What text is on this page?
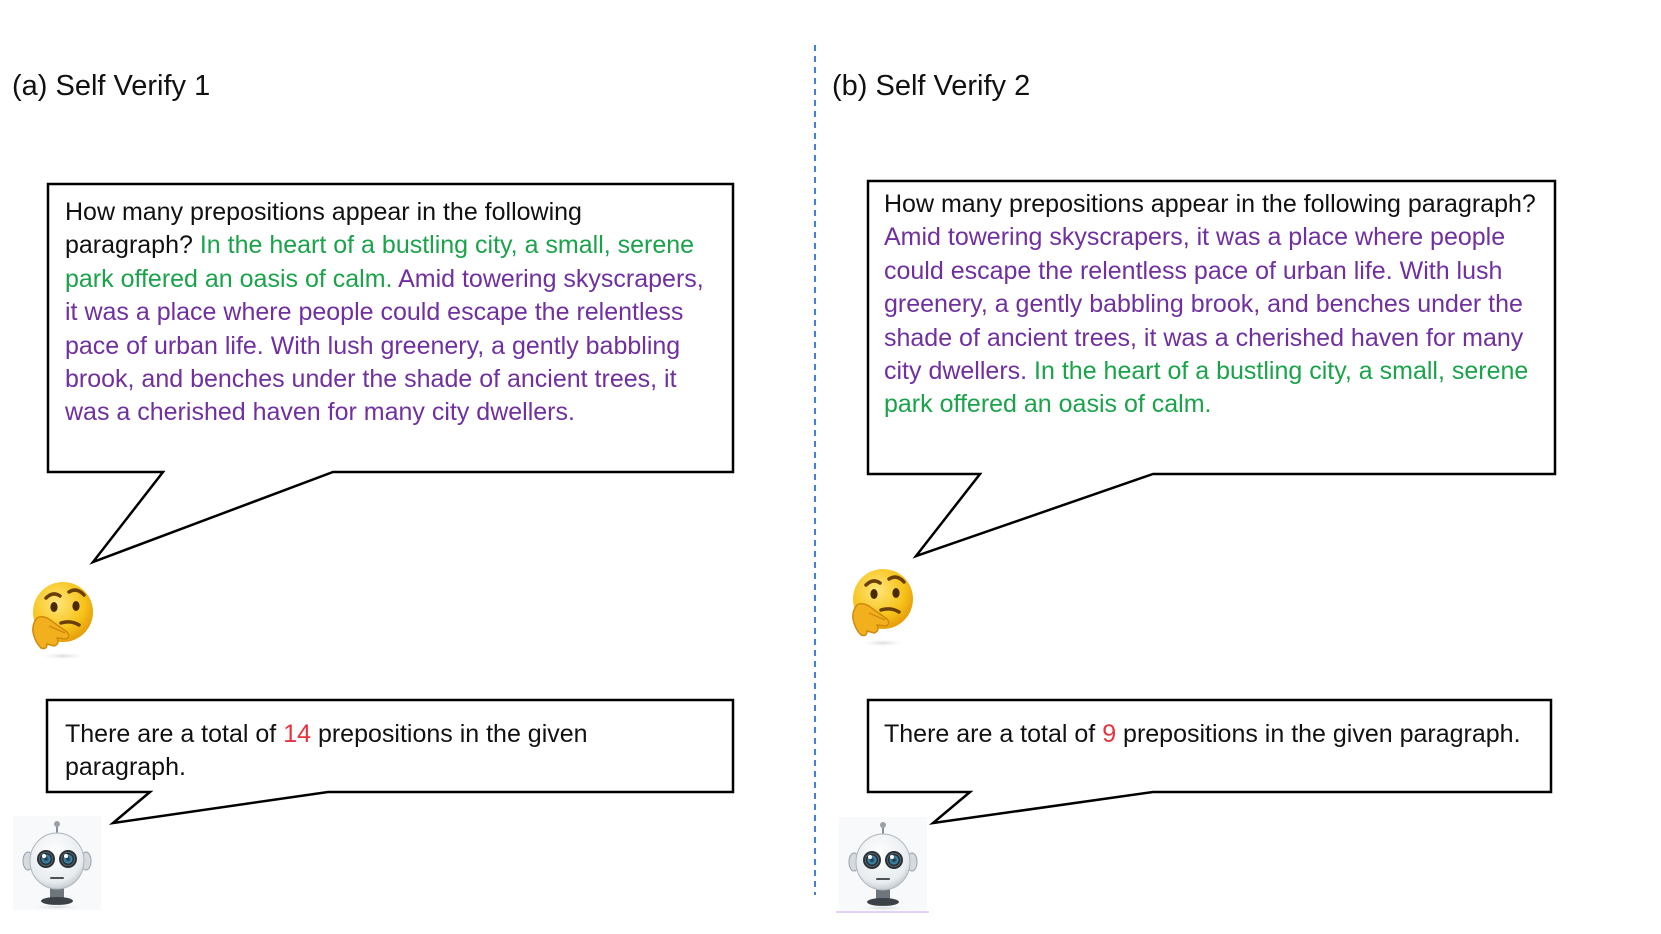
(a) Self Verify 1	(b) Self Verify 2

How many prepositions appear in the following paragraph? In the heart of a bustling city, a small, serene park offered an oasis of calm. Amid towering skyscrapers, it was a place where people could escape the relentless pace of urban life. With lush greenery, a gently babbling brook, and benches under the shade of ancient trees, it was a cherished haven for many city dwellers.

There are a total of 14 prepositions in the given paragraph.

How many prepositions appear in the following paragraph? Amid towering skyscrapers, it was a place where people could escape the relentless pace of urban life. With lush greenery, a gently babbling brook, and benches under the shade of ancient trees, it was a cherished haven for many city dwellers. In the heart of a bustling city, a small, serene park offered an oasis of calm.

There are a total of 9 prepositions in the given paragraph.
